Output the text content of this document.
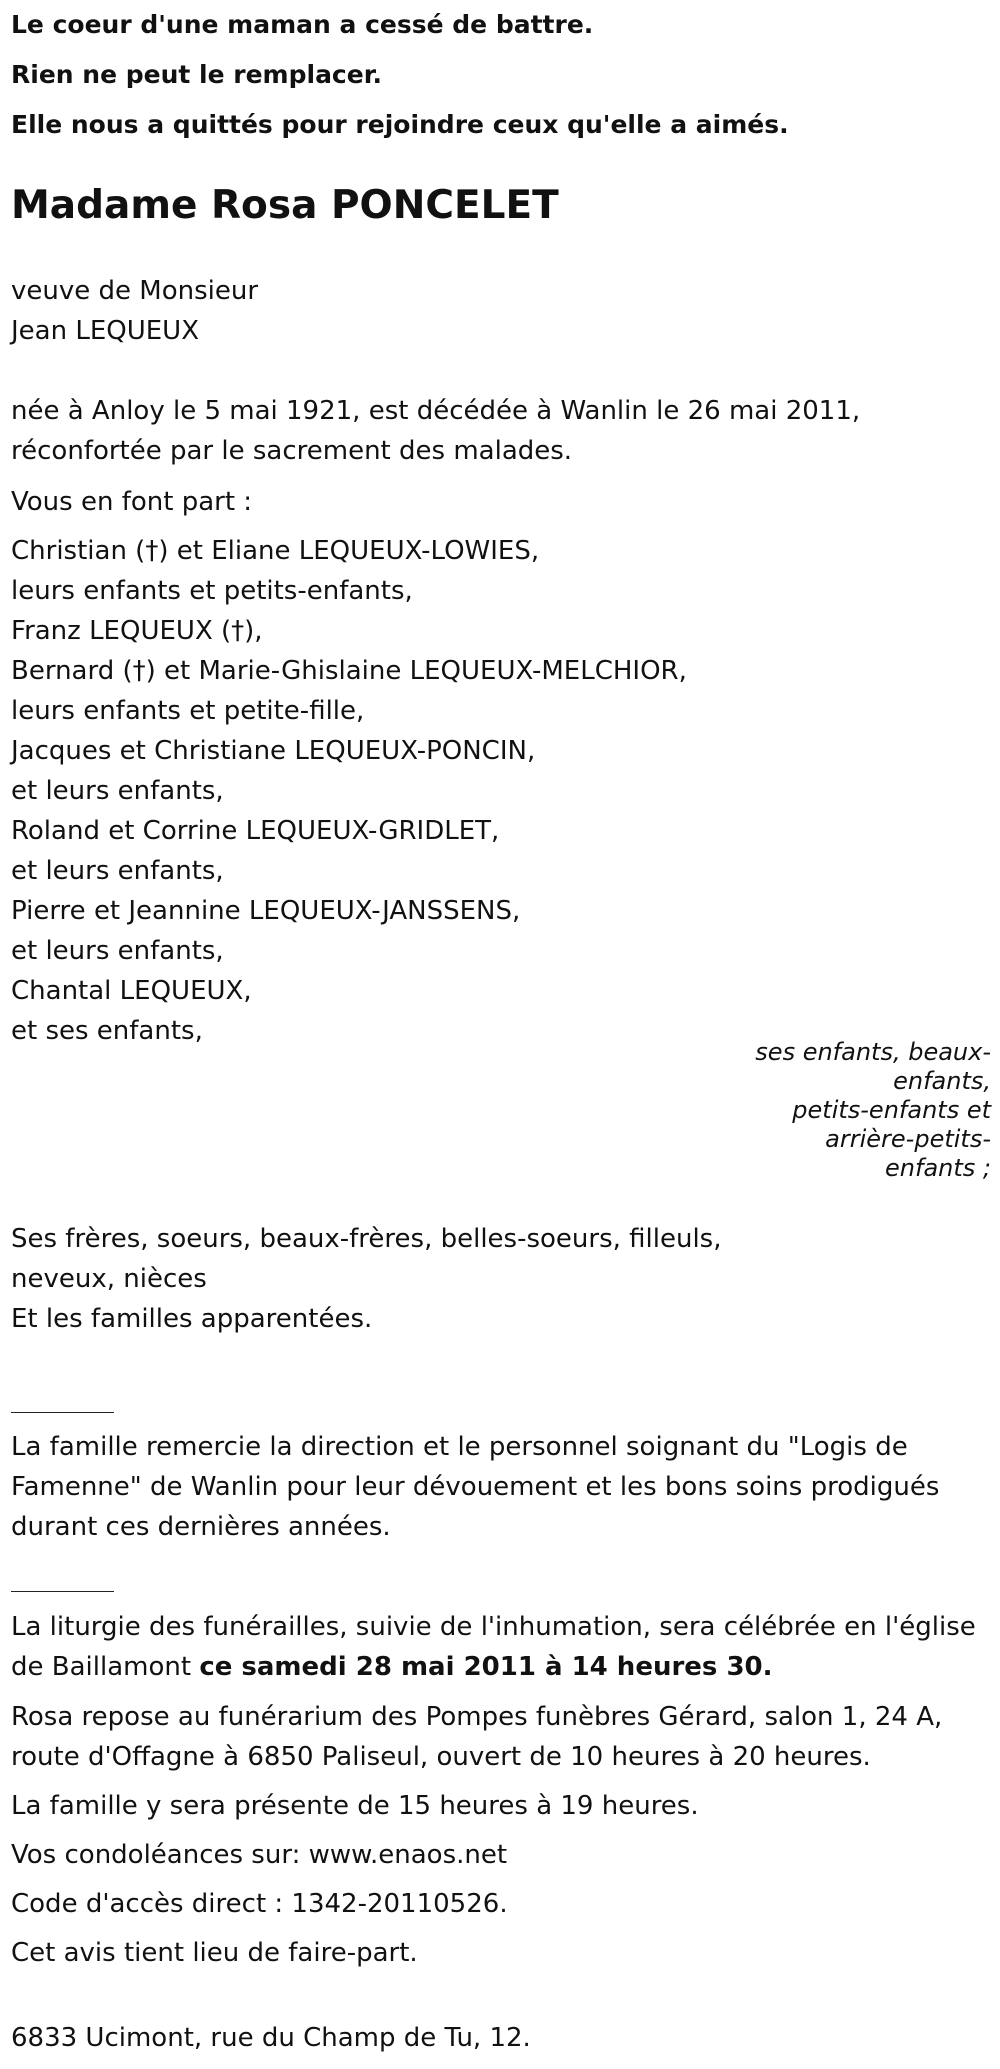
Le coeur d'une maman a cessé de battre.

Rien ne peut le remplacer.

Elle nous a quittés pour rejoindre ceux qu'elle a aimés.

Madame Rosa PONCELET

veuve de Monsieur

Jean LEQUEUX

née à Anloy le 5 mai 1921, est décédée à Wanlin le 26 mai 2011,

réconfortée par le sacrement des malades.

Vous en font part :

Christian (†) et Eliane LEQUEUX-LOWIES,

leurs enfants et petits-enfants,

Franz LEQUEUX (†),

Bernard (†) et Marie-Ghislaine LEQUEUX-MELCHIOR,

leurs enfants et petite-fille,

Jacques et Christiane LEQUEUX-PONCIN,

et leurs enfants,

Roland et Corrine LEQUEUX-GRIDLET,

et leurs enfants,

Pierre et Jeannine LEQUEUX-JANSSENS,

et leurs enfants,

Chantal LEQUEUX,

et ses enfants,

ses enfants, beaux-

enfants,

petits-enfants et

arrière-petits-

enfants ;

Ses frères, soeurs, beaux-frères, belles-soeurs, filleuls,

neveux, nièces

Et les familles apparentées.

La famille remercie la direction et le personnel soignant du "Logis de

Famenne" de Wanlin pour leur dévouement et les bons soins prodigués

durant ces dernières années.

La liturgie des funérailles, suivie de l'inhumation, sera célébrée en l'église

de Baillamont ce samedi 28 mai 2011 à 14 heures 30.

Rosa repose au funérarium des Pompes funèbres Gérard, salon 1, 24 A,

route d'Offagne à 6850 Paliseul, ouvert de 10 heures à 20 heures.

La famille y sera présente de 15 heures à 19 heures.

Vos condoléances sur: www.enaos.net

Code d'accès direct : 1342-20110526.

Cet avis tient lieu de faire-part.

6833 Ucimont, rue du Champ de Tu, 12.
